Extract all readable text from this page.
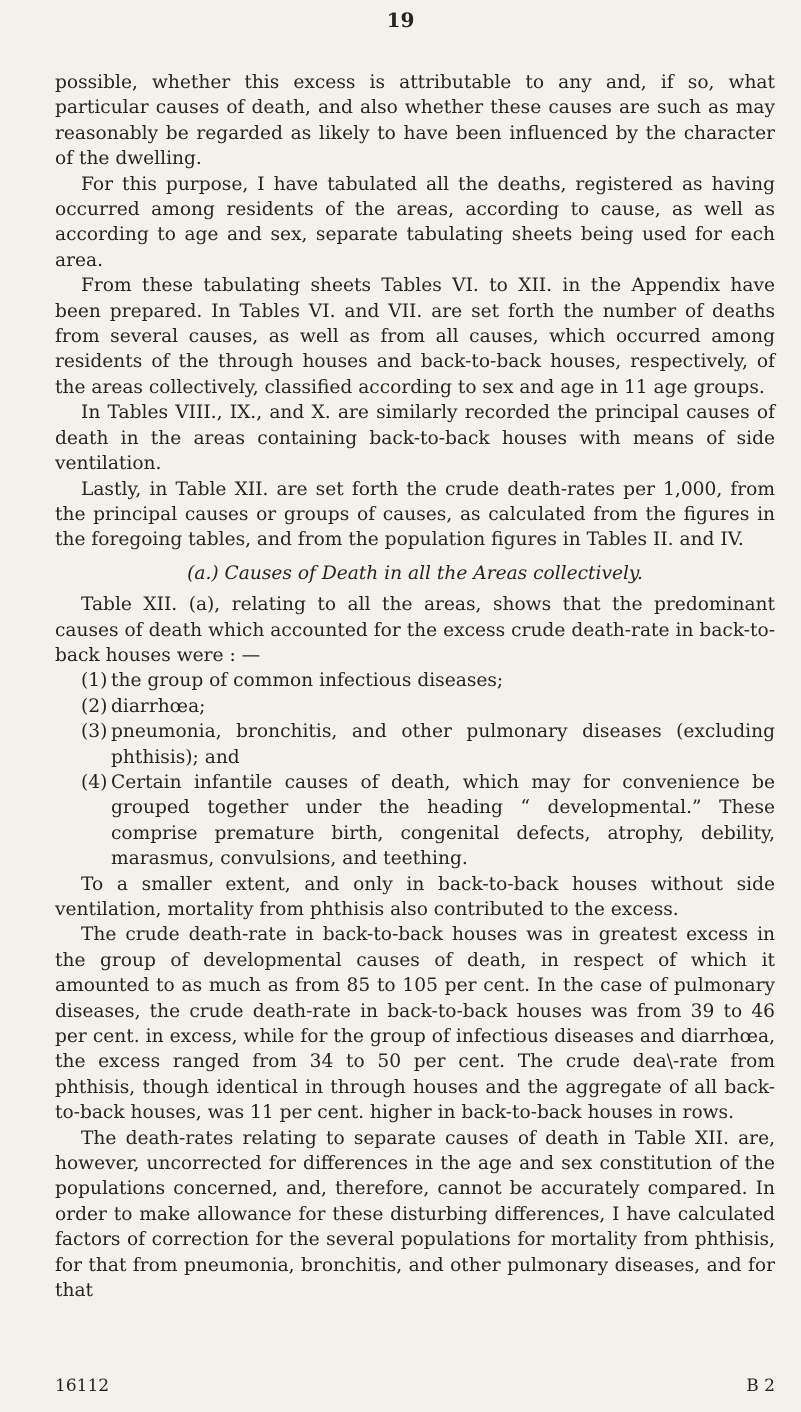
19

possible, whether this excess is attributable to any and, if so, what particular causes of death, and also whether these causes are such as may reasonably be regarded as likely to have been influenced by the character of the dwelling.

For this purpose, I have tabulated all the deaths, registered as having occurred among residents of the areas, according to cause, as well as according to age and sex, separate tabulating sheets being used for each area.

From these tabulating sheets Tables VI. to XII. in the Appendix have been prepared. In Tables VI. and VII. are set forth the number of deaths from several causes, as well as from all causes, which occurred among residents of the through houses and back-to-back houses, respectively, of the areas collectively, classified according to sex and age in 11 age groups.

In Tables VIII., IX., and X. are similarly recorded the principal causes of death in the areas containing back-to-back houses with means of side ventilation.

Lastly, in Table XII. are set forth the crude death-rates per 1,000, from the principal causes or groups of causes, as calculated from the figures in the foregoing tables, and from the population figures in Tables II. and IV.

(a.) Causes of Death in all the Areas collectively.

Table XII. (a), relating to all the areas, shows that the predominant causes of death which accounted for the excess crude death-rate in back-to-back houses were : —

(1) the group of common infectious diseases;
(2) diarrhœa;
(3) pneumonia, bronchitis, and other pulmonary diseases (excluding phthisis); and
(4) Certain infantile causes of death, which may for convenience be grouped together under the heading “ developmental.” These comprise premature birth, congenital defects, atrophy, debility, marasmus, convulsions, and teething.

To a smaller extent, and only in back-to-back houses without side ventilation, mortality from phthisis also contributed to the excess.

The crude death-rate in back-to-back houses was in greatest excess in the group of developmental causes of death, in respect of which it amounted to as much as from 85 to 105 per cent. In the case of pulmonary diseases, the crude death-rate in back-to-back houses was from 39 to 46 per cent. in excess, while for the group of infectious diseases and diarrhœa, the excess ranged from 34 to 50 per cent. The crude dea\-rate from phthisis, though identical in through houses and the aggregate of all back-to-back houses, was 11 per cent. higher in back-to-back houses in rows.

The death-rates relating to separate causes of death in Table XII. are, however, uncorrected for differences in the age and sex constitution of the populations concerned, and, therefore, cannot be accurately compared. In order to make allowance for these disturbing differences, I have calculated factors of correction for the several populations for mortality from phthisis, for that from pneumonia, bronchitis, and other pulmonary diseases, and for that

16112	B 2
